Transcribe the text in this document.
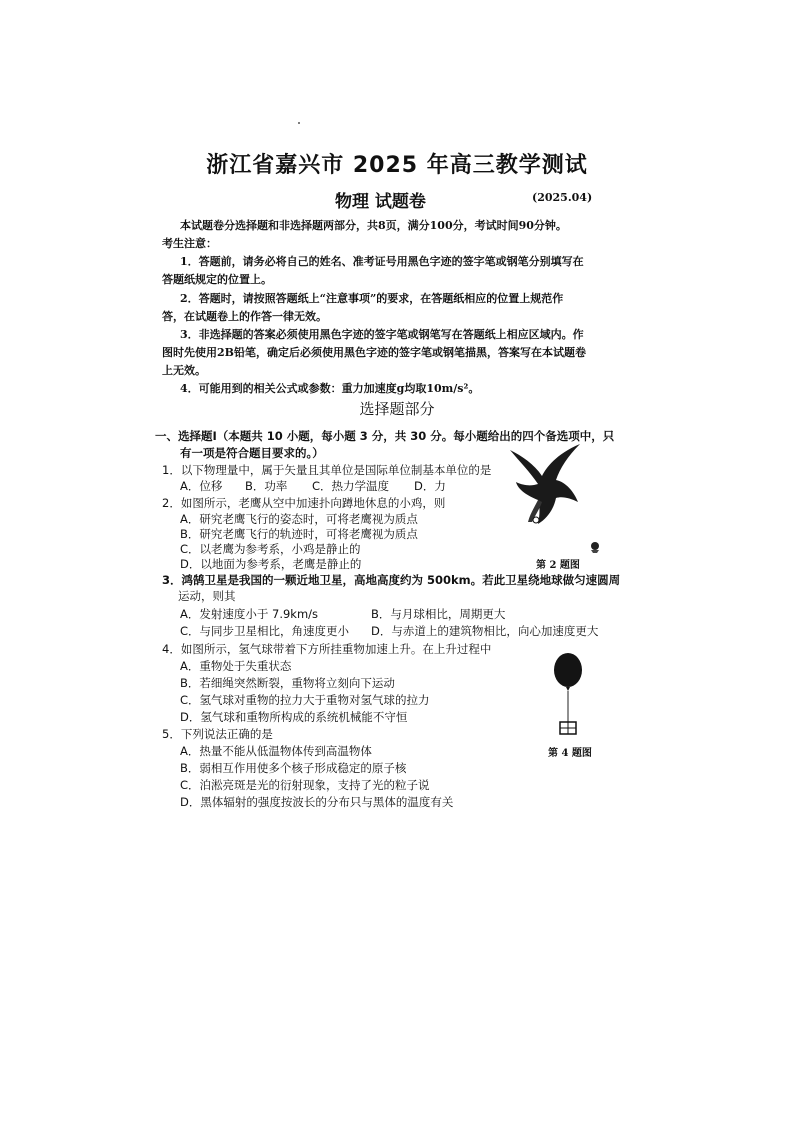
浙江省嘉兴市 2025 年高三教学测试
物理 试题卷	(2025.04)
本试题卷分选择题和非选择题两部分，共8页，满分100分，考试时间90分钟。
考生注意：
1．答题前，请务必将自己的姓名、准考证号用黑色字迹的签字笔或钢笔分别填写在
答题纸规定的位置上。
2．答题时，请按照答题纸上“注意事项”的要求，在答题纸相应的位置上规范作
答，在试题卷上的作答一律无效。
3．非选择题的答案必须使用黑色字迹的签字笔或钢笔写在答题纸上相应区域内。作
图时先使用2B铅笔，确定后必须使用黑色字迹的签字笔或钢笔描黑，答案写在本试题卷
上无效。
4．可能用到的相关公式或参数：重力加速度g均取10m/s²。
选择题部分
一、选择题Ⅰ（本题共 10 小题，每小题 3 分，共 30 分。每小题给出的四个备选项中，只
有一项是符合题目要求的。）
1．以下物理量中，属于矢量且其单位是国际单位制基本单位的是
A．位移 B．功率 C．热力学温度 D．力
2．如图所示，老鹰从空中加速扑向蹲地休息的小鸡，则
A．研究老鹰飞行的姿态时，可将老鹰视为质点
B．研究老鹰飞行的轨迹时，可将老鹰视为质点
C．以老鹰为参考系，小鸡是静止的
D．以地面为参考系，老鹰是静止的	第 2 题图
3．鸿鹄卫星是我国的一颗近地卫星，高地高度约为 500km。若此卫星绕地球做匀速圆周
运动，则其
A．发射速度小于 7.9km/s	B．与月球相比，周期更大
C．与同步卫星相比，角速度更小 D．与赤道上的建筑物相比，向心加速度更大
4．如图所示，氢气球带着下方所挂重物加速上升。在上升过程中
A．重物处于失重状态
B．若细绳突然断裂，重物将立刻向下运动
C．氢气球对重物的拉力大于重物对氢气球的拉力
D．氢气球和重物所构成的系统机械能不守恒
第 4 题图
5．下列说法正确的是
A．热量不能从低温物体传到高温物体
B．弱相互作用使多个核子形成稳定的原子核
C．泊淞亮斑是光的衍射现象，支持了光的粒子说
D．黑体辐射的强度按波长的分布只与黑体的温度有关
